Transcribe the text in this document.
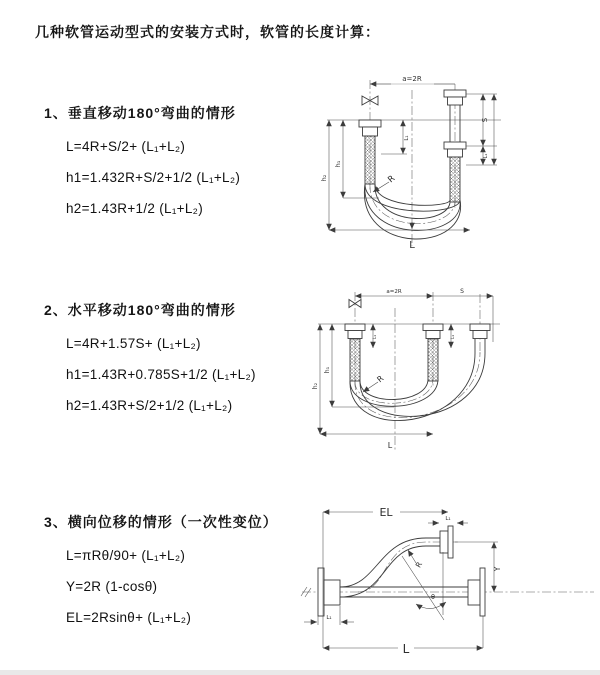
几种软管运动型式的安装方式时，软管的长度计算：
1、垂直移动180°弯曲的情形
L=4R+S/2+ (L₁+L₂)
h1=1.432R+S/2+1/2 (L₁+L₂)
h2=1.43R+1/2 (L₁+L₂)
a=2R
h₁
h₂
L₁
S
L₁
R
L
2、水平移动180°弯曲的情形
L=4R+1.57S+ (L₁+L₂)
h1=1.43R+0.785S+1/2 (L₁+L₂)
h2=1.43R+S/2+1/2 (L₁+L₂)
a=2R	S
h₁
h₂
L₁	L₁
R
L
3、横向位移的情形（一次性变位）
L=πRθ/90+ (L₁+L₂)
Y=2R (1-cosθ)
EL=2Rsinθ+ (L₁+L₂)
EL	L₁
Y
R
θ
L₁
L
